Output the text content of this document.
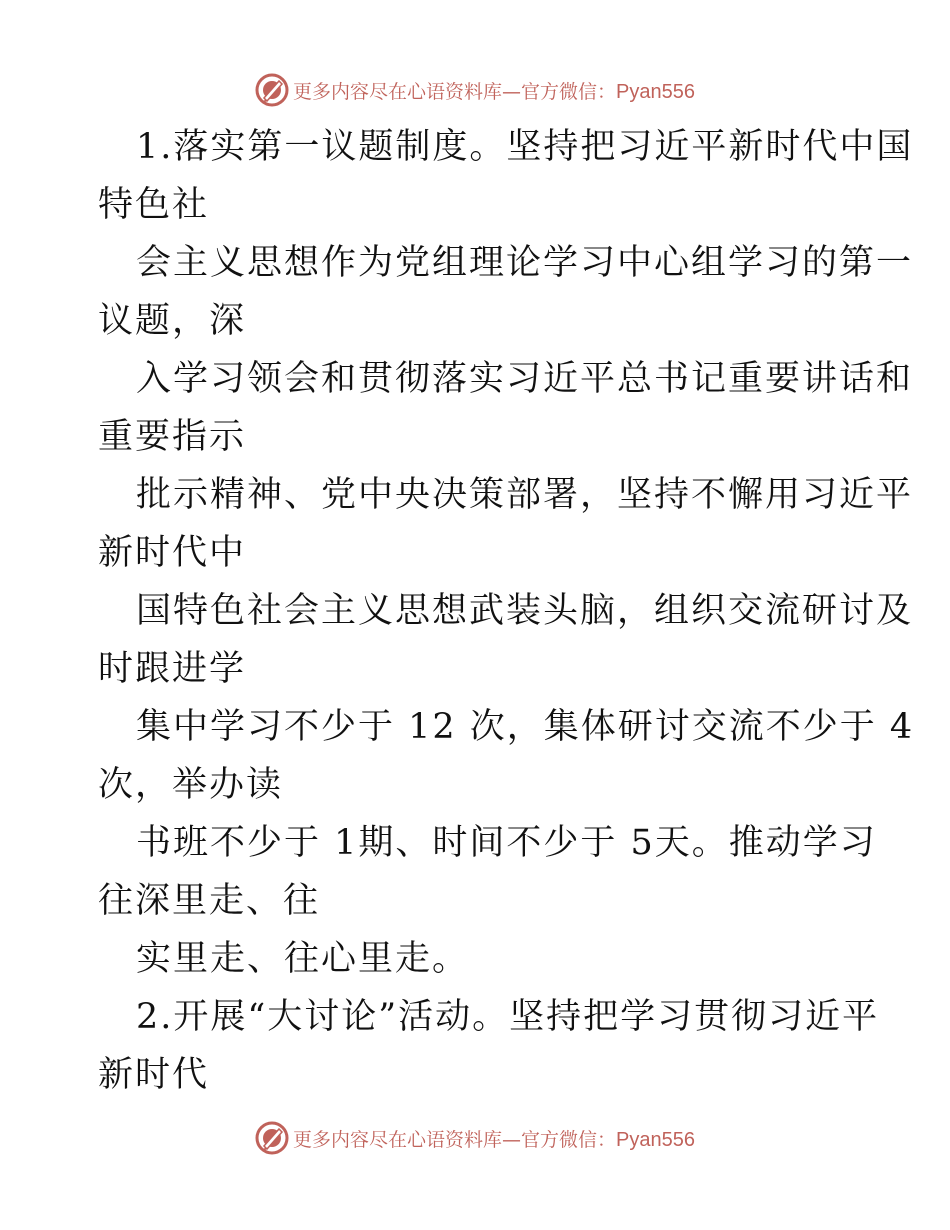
更多内容尽在心语资料库—官方微信：Pyan556
1.落实第一议题制度。坚持把习近平新时代中国
特色社
会主义思想作为党组理论学习中心组学习的第一
议题，深
入学习领会和贯彻落实习近平总书记重要讲话和
重要指示
批示精神、党中央决策部署，坚持不懈用习近平
新时代中
国特色社会主义思想武装头脑，组织交流研讨及
时跟进学
集中学习不少于 12 次，集体研讨交流不少于 4
次，举办读
书班不少于 1期、时间不少于 5天。推动学习
往深里走、往
实里走、往心里走。
2.开展“大讨论”活动。坚持把学习贯彻习近平
新时代
更多内容尽在心语资料库—官方微信：Pyan556
